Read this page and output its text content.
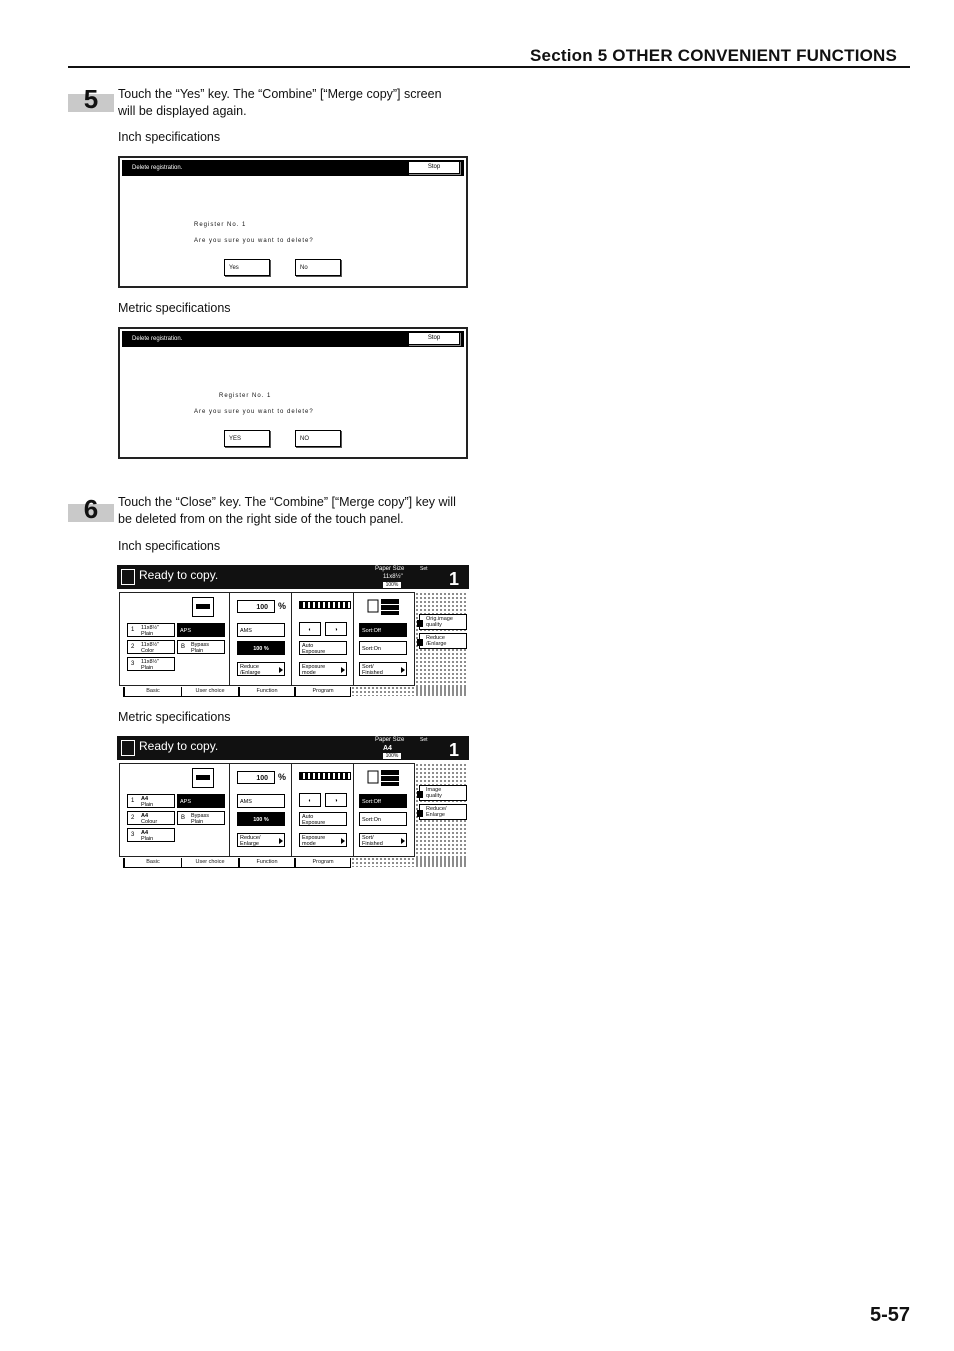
Section 5 OTHER CONVENIENT FUNCTIONS
5	Touch the “Yes” key. The “Combine” [“Merge copy”] screen
will be displayed again.
Inch specifications
Delete registration.	Stop
Register No. 1
Are you sure you want to delete?
Yes	No
Metric specifications
Delete registration.	Stop
Register No. 1
Are you sure you want to delete?
YES	NO
6	Touch the “Close” key. The “Combine” [“Merge copy”] key will
be deleted from on the right side of the touch panel.
Inch specifications
Ready to copy.	Paper Size	Set
11x8½"
100%	1
1 11x8½"
Plain
2 11x8½"
Color
3 11x8½"
Plain
APS
B Bypass
Plain
100	%
AMS
100 %
Reduce
/Enlarge
◐	◑
Auto
Exposure
Exposure
mode
Sort:Off
Sort:On
Sort/
Finished
Orig.image
quality
Reduce
/Enlarge
Basic	User choice	Function	Program
Metric specifications
Ready to copy.	Paper Size	Set
A4
100%	1
1 A4
Plain
2 A4
Colour
3 A4
Plain
APS
B Bypass
Plain
100	%
AMS
100 %
Reduce/
Enlarge
◐	◑
Auto
Exposure
Exposure
mode
Sort:Off
Sort:On
Sort/
Finished
Image
quality
Reduce/
Enlarge
Basic	User choice	Function	Program
5-57
